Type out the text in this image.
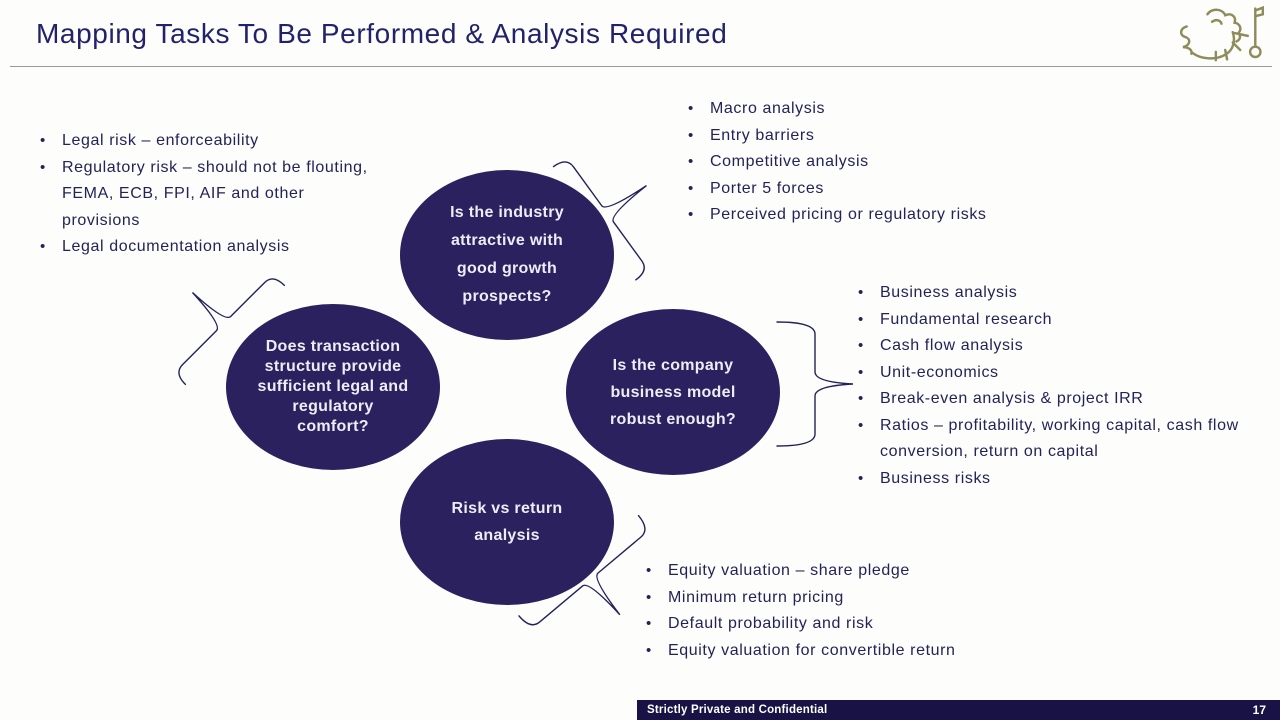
Mapping Tasks To Be Performed & Analysis Required
• Legal risk – enforceability
• Regulatory risk – should not be flouting, FEMA, ECB, FPI, AIF and other provisions
• Legal documentation analysis
• Macro analysis
• Entry barriers
• Competitive analysis
• Porter 5 forces
• Perceived pricing or regulatory risks
• Business analysis
• Fundamental research
• Cash flow analysis
• Unit-economics
• Break-even analysis & project IRR
• Ratios – profitability, working capital, cash flow conversion, return on capital
• Business risks
• Equity valuation – share pledge
• Minimum return pricing
• Default probability and risk
• Equity valuation for convertible return
Is the industry attractive with good growth prospects?
Does transaction structure provide sufficient legal and regulatory comfort?
Is the company business model robust enough?
Risk vs return analysis
Strictly Private and Confidential	17
